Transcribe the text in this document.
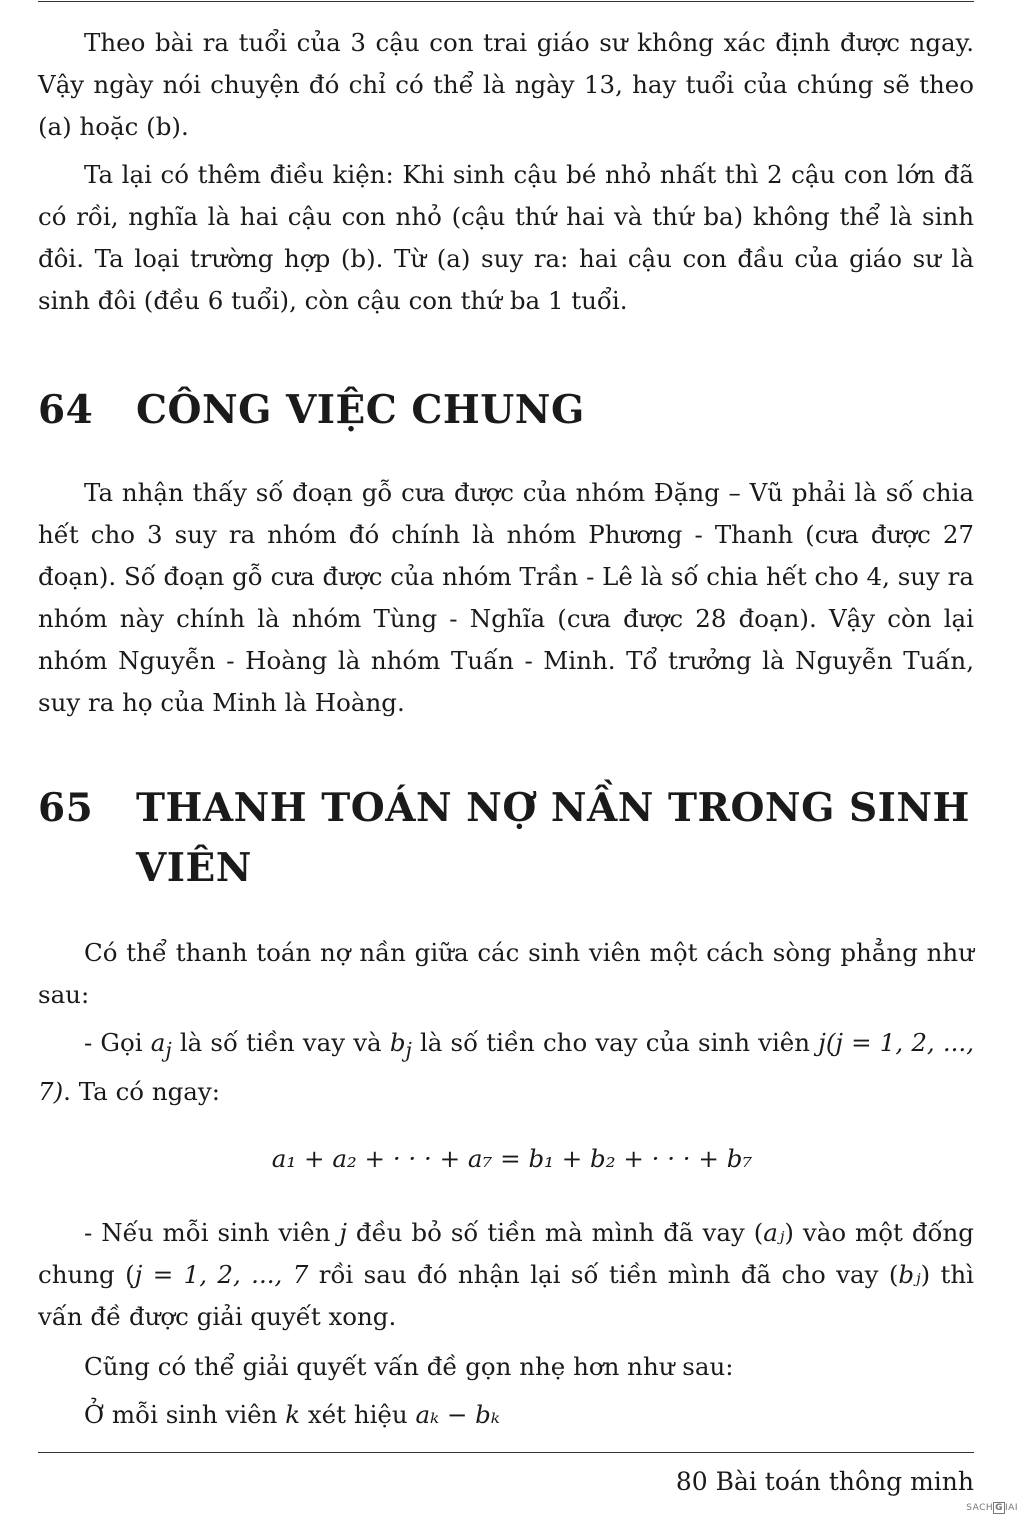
Theo bài ra tuổi của 3 cậu con trai giáo sư không xác định được ngay. Vậy ngày nói chuyện đó chỉ có thể là ngày 13, hay tuổi của chúng sẽ theo (a) hoặc (b).

Ta lại có thêm điều kiện: Khi sinh cậu bé nhỏ nhất thì 2 cậu con lớn đã có rồi, nghĩa là hai cậu con nhỏ (cậu thứ hai và thứ ba) không thể là sinh đôi. Ta loại trường hợp (b). Từ (a) suy ra: hai cậu con đầu của giáo sư là sinh đôi (đều 6 tuổi), còn cậu con thứ ba 1 tuổi.

64 CÔNG VIỆC CHUNG

Ta nhận thấy số đoạn gỗ cưa được của nhóm Đặng – Vũ phải là số chia hết cho 3 suy ra nhóm đó chính là nhóm Phương - Thanh (cưa được 27 đoạn). Số đoạn gỗ cưa được của nhóm Trần - Lê là số chia hết cho 4, suy ra nhóm này chính là nhóm Tùng - Nghĩa (cưa được 28 đoạn). Vậy còn lại nhóm Nguyễn - Hoàng là nhóm Tuấn - Minh. Tổ trưởng là Nguyễn Tuấn, suy ra họ của Minh là Hoàng.

65 THANH TOÁN NỢ NẦN TRONG SINH
VIÊN

Có thể thanh toán nợ nần giữa các sinh viên một cách sòng phẳng như sau:

- Gọi $a_j$ là số tiền vay và $b_j$ là số tiền cho vay của sinh viên j(j = 1, 2, ..., 7). Ta có ngay:

a₁ + a₂ + · · · + a₇ = b₁ + b₂ + · · · + b₇

- Nếu mỗi sinh viên j đều bỏ số tiền mà mình đã vay (aⱼ) vào một đống chung (j = 1, 2, ..., 7 rồi sau đó nhận lại số tiền mình đã cho vay (bⱼ) thì vấn đề được giải quyết xong.

Cũng có thể giải quyết vấn đề gọn nhẹ hơn như sau:

Ở mỗi sinh viên k xét hiệu aₖ − bₖ

80 Bài toán thông minh
SACH G IAI
